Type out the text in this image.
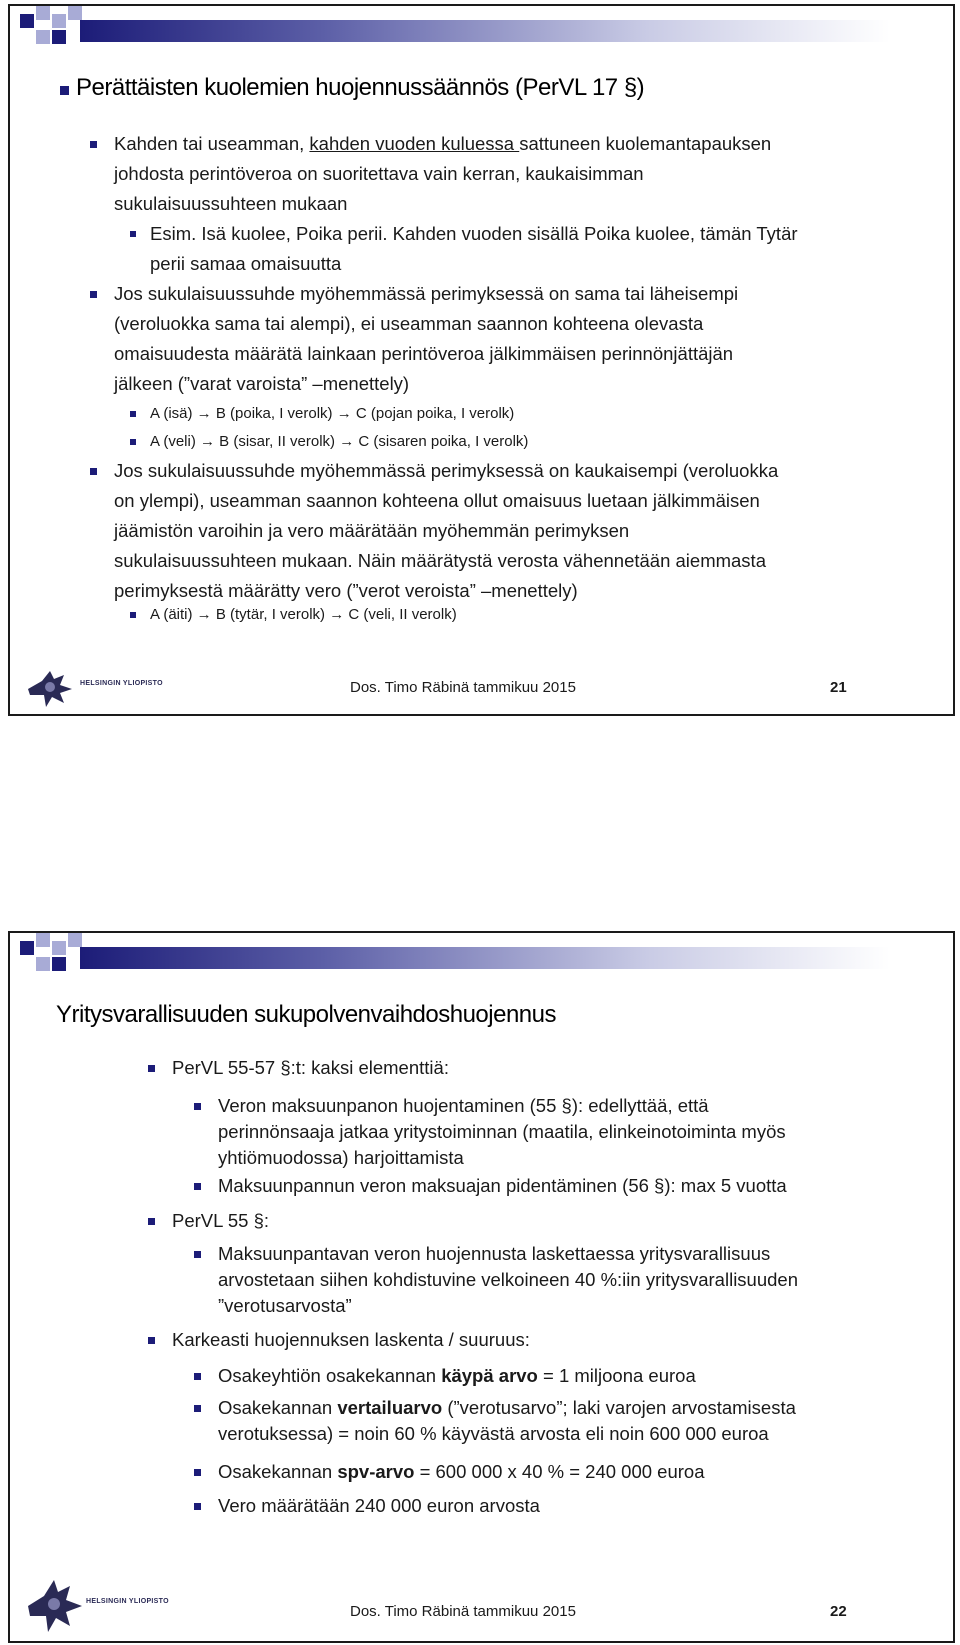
Perättäisten kuolemien huojennussäännös (PerVL 17 §)
Kahden tai useamman, kahden vuoden kuluessa sattuneen kuolemantapauksen
johdosta perintöveroa on suoritettava vain kerran, kaukaisimman
sukulaisuussuhteen mukaan
Esim. Isä kuolee, Poika perii. Kahden vuoden sisällä Poika kuolee, tämän Tytär
perii samaa omaisuutta
Jos sukulaisuussuhde myöhemmässä perimyksessä on sama tai läheisempi
(veroluokka sama tai alempi), ei useamman saannon kohteena olevasta
omaisuudesta määrätä lainkaan perintöveroa jälkimmäisen perinnönjättäjän
jälkeen (”varat varoista” –menettely)
A (isä) → B (poika, I verolk) → C (pojan poika, I verolk)
A (veli) → B (sisar, II verolk) → C (sisaren poika, I verolk)
Jos sukulaisuussuhde myöhemmässä perimyksessä on kaukaisempi (veroluokka
on ylempi), useamman saannon kohteena ollut omaisuus luetaan jälkimmäisen
jäämistön varoihin ja vero määrätään myöhemmän perimyksen
sukulaisuussuhteen mukaan. Näin määrätystä verosta vähennetään aiemmasta
perimyksestä määrätty vero (”verot veroista” –menettely)
A (äiti) → B (tytär, I verolk) → C (veli, II verolk)
HELSINGIN YLIOPISTO	Dos. Timo Räbinä tammikuu 2015	21
Yritysvarallisuuden sukupolvenvaihdoshuojennus
PerVL 55-57 §:t: kaksi elementtiä:
Veron maksuunpanon huojentaminen (55 §): edellyttää, että
perinnönsaaja jatkaa yritystoiminnan (maatila, elinkeinotoiminta myös
yhtiömuodossa) harjoittamista
Maksuunpannun veron maksuajan pidentäminen (56 §): max 5 vuotta
PerVL 55 §:
Maksuunpantavan veron huojennusta laskettaessa yritysvarallisuus
arvostetaan siihen kohdistuvine velkoineen 40 %:iin yritysvarallisuuden
”verotusarvosta”
Karkeasti huojennuksen laskenta / suuruus:
Osakeyhtiön osakekannan käypä arvo = 1 miljoona euroa
Osakekannan vertailuarvo (”verotusarvo”; laki varojen arvostamisesta
verotuksessa) = noin 60 % käyvästä arvosta eli noin 600 000 euroa
Osakekannan spv-arvo = 600 000 x 40 % = 240 000 euroa
Vero määrätään 240 000 euron arvosta
HELSINGIN YLIOPISTO
Dos. Timo Räbinä tammikuu 2015	22
